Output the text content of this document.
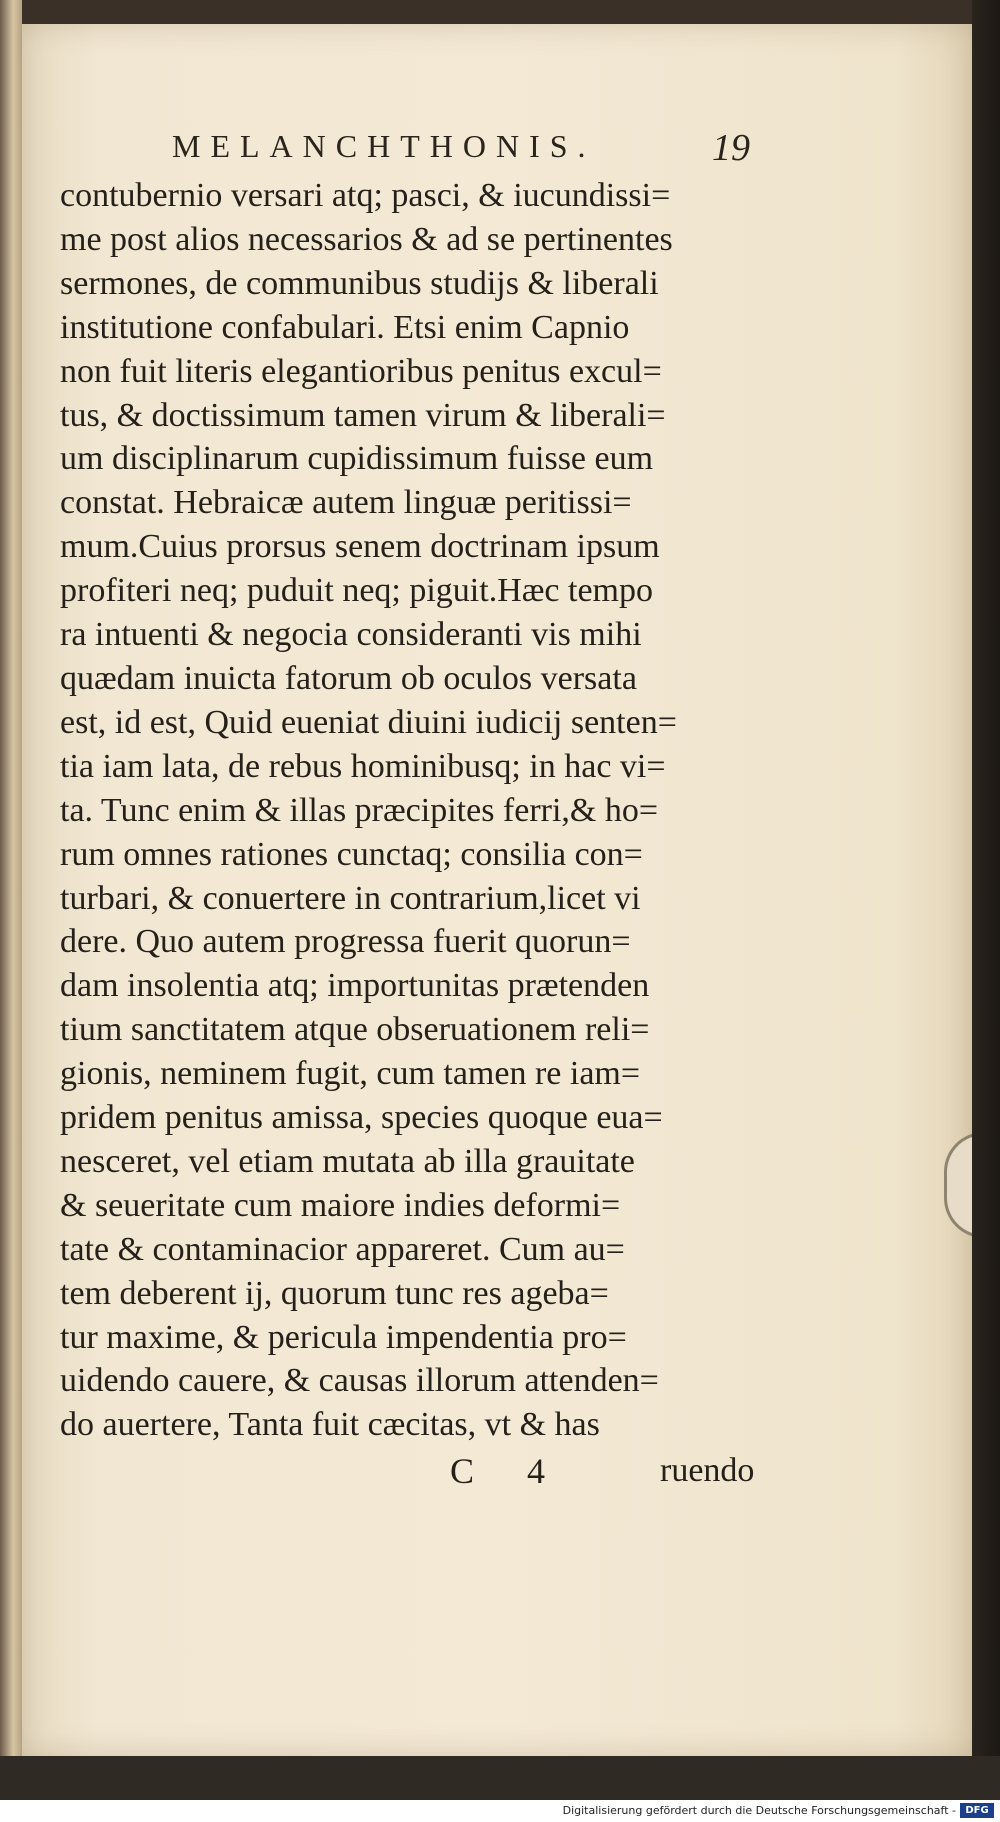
MELANCHTHONIS.	19
contubernio versari atq; pasci, & iucundissi=
me post alios necessarios & ad se pertinentes
sermones, de communibus studijs & liberali
institutione confabulari. Etsi enim Capnio
non fuit literis elegantioribus penitus excul=
tus, & doctissimum tamen virum & liberali=
um disciplinarum cupidissimum fuisse eum
constat. Hebraicæ autem linguæ peritissi=
mum.Cuius prorsus senem doctrinam ipsum
profiteri neq; puduit neq; piguit.Hæc tempo
ra intuenti & negocia consideranti vis mihi
quædam inuicta fatorum ob oculos versata
est, id est, Quid eueniat diuini iudicij senten=
tia iam lata, de rebus hominibusq; in hac vi=
ta. Tunc enim & illas præcipites ferri,& ho=
rum omnes rationes cunctaq; consilia con=
turbari, & conuertere in contrarium,licet vi
dere. Quo autem progressa fuerit quorun=
dam insolentia atq; importunitas prætenden
tium sanctitatem atque obseruationem reli=
gionis, neminem fugit, cum tamen re iam=
pridem penitus amissa, species quoque eua=
nesceret, vel etiam mutata ab illa grauitate
& seueritate cum maiore indies deformi=
tate & contaminacior appareret. Cum au=
tem deberent ij, quorum tunc res ageba=
tur maxime, & pericula impendentia pro=
uidendo cauere, & causas illorum attenden=
do auertere, Tanta fuit cæcitas, vt & has
C 4	ruendo
Digitalisierung gefördert durch die Deutsche Forschungsgemeinschaft - DFG
